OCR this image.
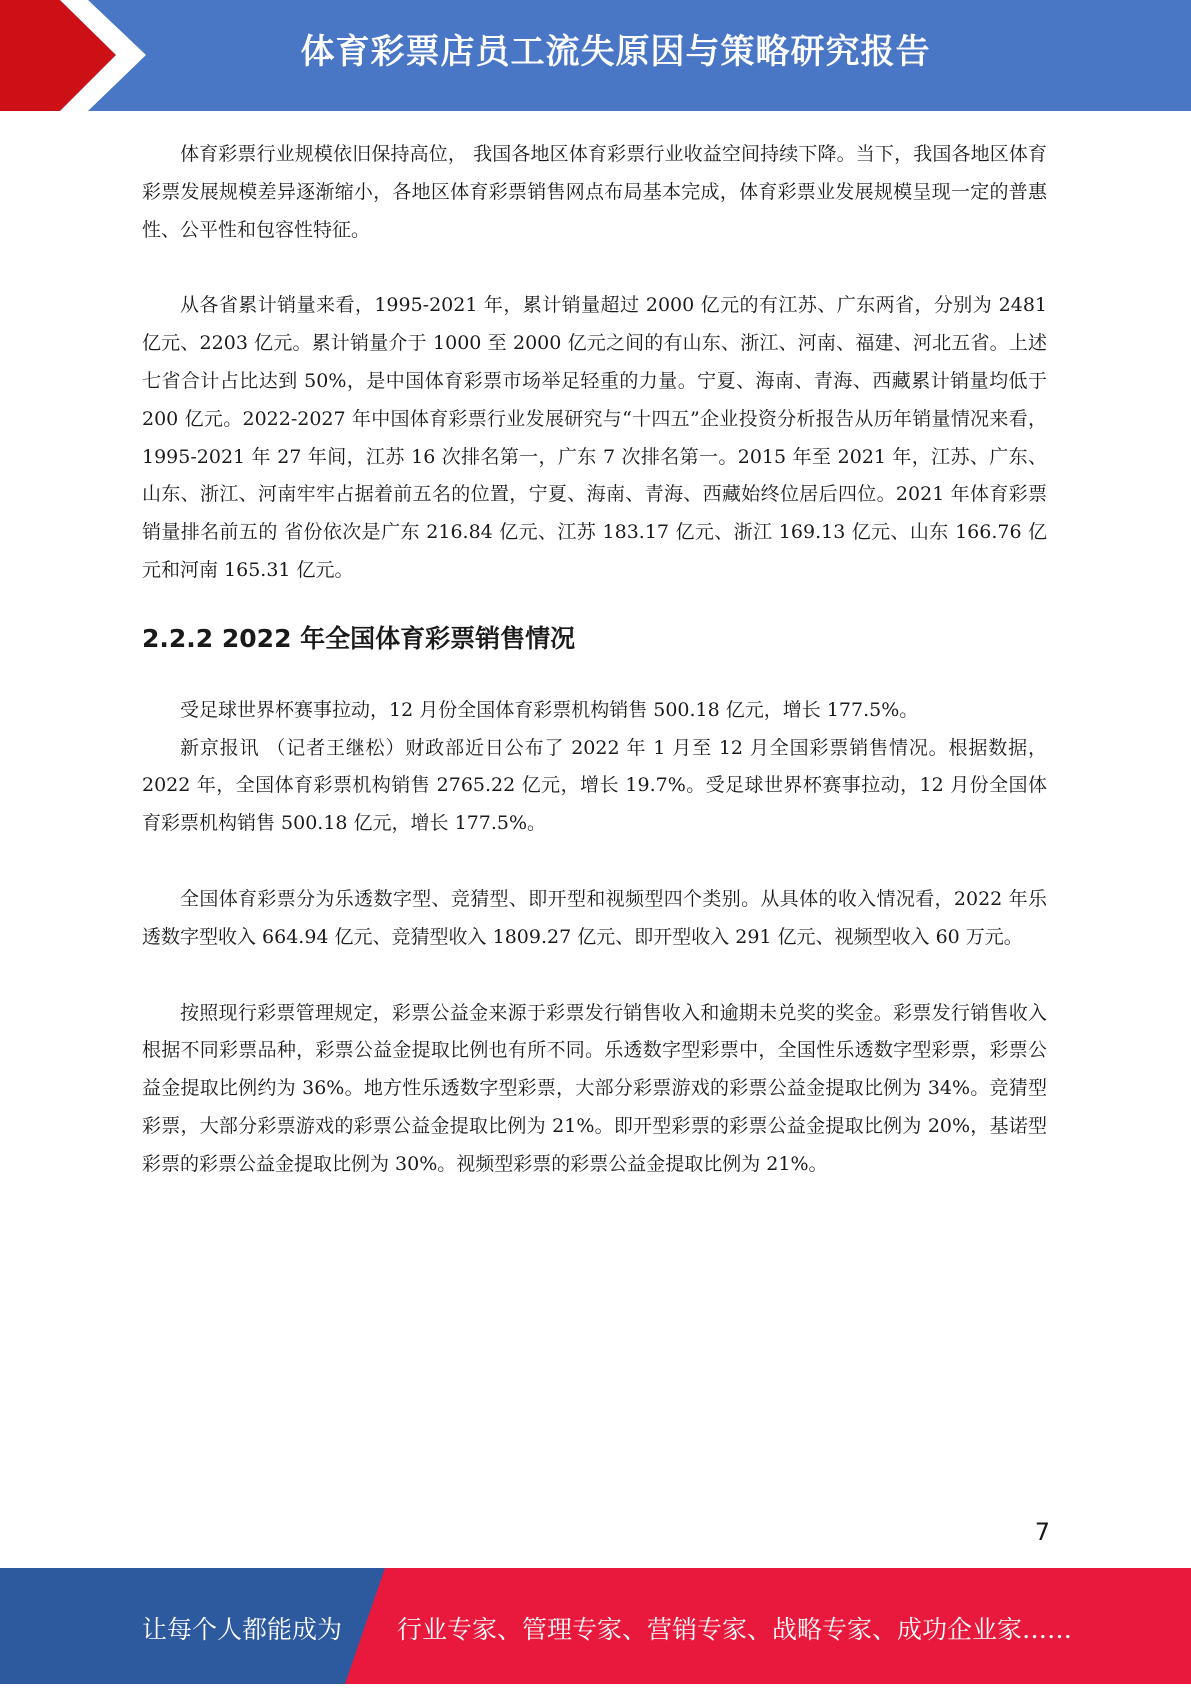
体育彩票店员工流失原因与策略研究报告

体育彩票行业规模依旧保持高位， 我国各地区体育彩票行业收益空间持续下降。当下，我国各地区体育彩票发展规模差异逐渐缩小，各地区体育彩票销售网点布局基本完成，体育彩票业发展规模呈现一定的普惠性、公平性和包容性特征。

从各省累计销量来看，1995-2021 年，累计销量超过 2000 亿元的有江苏、广东两省，分别为 2481 亿元、2203 亿元。累计销量介于 1000 至 2000 亿元之间的有山东、浙江、河南、福建、河北五省。上述七省合计占比达到 50%，是中国体育彩票市场举足轻重的力量。宁夏、海南、青海、西藏累计销量均低于 200 亿元。2022-2027 年中国体育彩票行业发展研究与“十四五”企业投资分析报告从历年销量情况来看，1995-2021 年 27 年间，江苏 16 次排名第一，广东 7 次排名第一。2015 年至 2021 年，江苏、广东、山东、浙江、河南牢牢占据着前五名的位置，宁夏、海南、青海、西藏始终位居后四位。2021 年体育彩票销量排名前五的 省份依次是广东 216.84 亿元、江苏 183.17 亿元、浙江 169.13 亿元、山东 166.76 亿元和河南 165.31 亿元。

2.2.2 2022 年全国体育彩票销售情况

受足球世界杯赛事拉动，12 月份全国体育彩票机构销售 500.18 亿元，增长 177.5%。

新京报讯 （记者王继松）财政部近日公布了 2022 年 1 月至 12 月全国彩票销售情况。根据数据，2022 年，全国体育彩票机构销售 2765.22 亿元，增长 19.7%。受足球世界杯赛事拉动，12 月份全国体育彩票机构销售 500.18 亿元，增长 177.5%。

全国体育彩票分为乐透数字型、竞猜型、即开型和视频型四个类别。从具体的收入情况看，2022 年乐透数字型收入 664.94 亿元、竞猜型收入 1809.27 亿元、即开型收入 291 亿元、视频型收入 60 万元。

按照现行彩票管理规定，彩票公益金来源于彩票发行销售收入和逾期未兑奖的奖金。彩票发行销售收入根据不同彩票品种，彩票公益金提取比例也有所不同。乐透数字型彩票中，全国性乐透数字型彩票，彩票公益金提取比例约为 36%。地方性乐透数字型彩票，大部分彩票游戏的彩票公益金提取比例为 34%。竞猜型彩票，大部分彩票游戏的彩票公益金提取比例为 21%。即开型彩票的彩票公益金提取比例为 20%，基诺型彩票的彩票公益金提取比例为 30%。视频型彩票的彩票公益金提取比例为 21%。

7
让每个人都能成为 行业专家、管理专家、营销专家、战略专家、成功企业家……
